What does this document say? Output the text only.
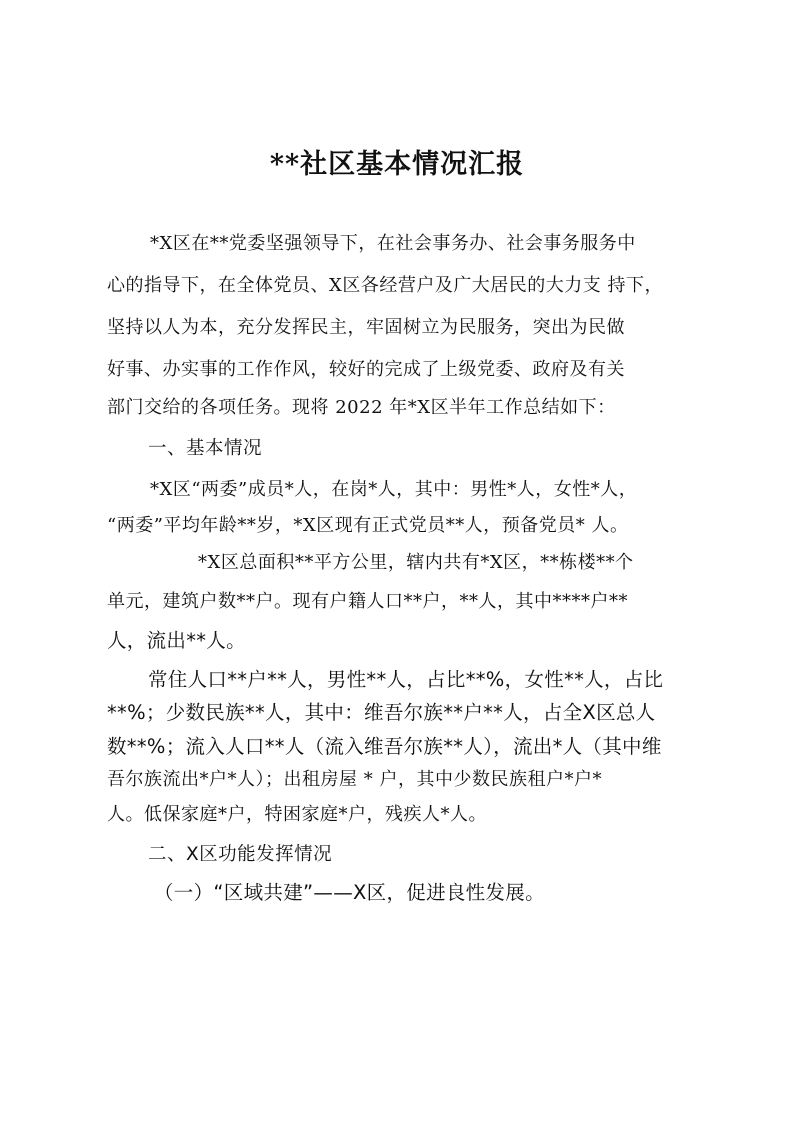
**社区基本情况汇报
*X区在**党委坚强领导下，在社会事务办、社会事务服务中
心的指导下，在全体党员、X区各经营户及广大居民的大力支 持下，
坚持以人为本，充分发挥民主，牢固树立为民服务，突出为民做
好事、办实事的工作作风，较好的完成了上级党委、政府及有关
部门交给的各项任务。现将 2022 年*X区半年工作总结如下：
一、基本情况
*X区“两委”成员*人，在岗*人，其中：男性*人，女性*人，
“两委”平均年龄**岁，*X区现有正式党员**人，预备党员* 人。
*X区总面积**平方公里，辖内共有*X区，**栋楼**个
单元，建筑户数**户。现有户籍人口**户，**人，其中****户**
人，流出**人。
常住人口**户**人，男性**人，占比**%，女性**人，占比
**%；少数民族**人，其中：维吾尔族**户**人，占全X区总人
数**%；流入人口**人（流入维吾尔族**人），流出*人（其中维
吾尔族流出*户*人）；出租房屋 * 户，其中少数民族租户*户*
人。低保家庭*户，特困家庭*户，残疾人*人。
二、X区功能发挥情况
（一）“区域共建”——X区，促进良性发展。
